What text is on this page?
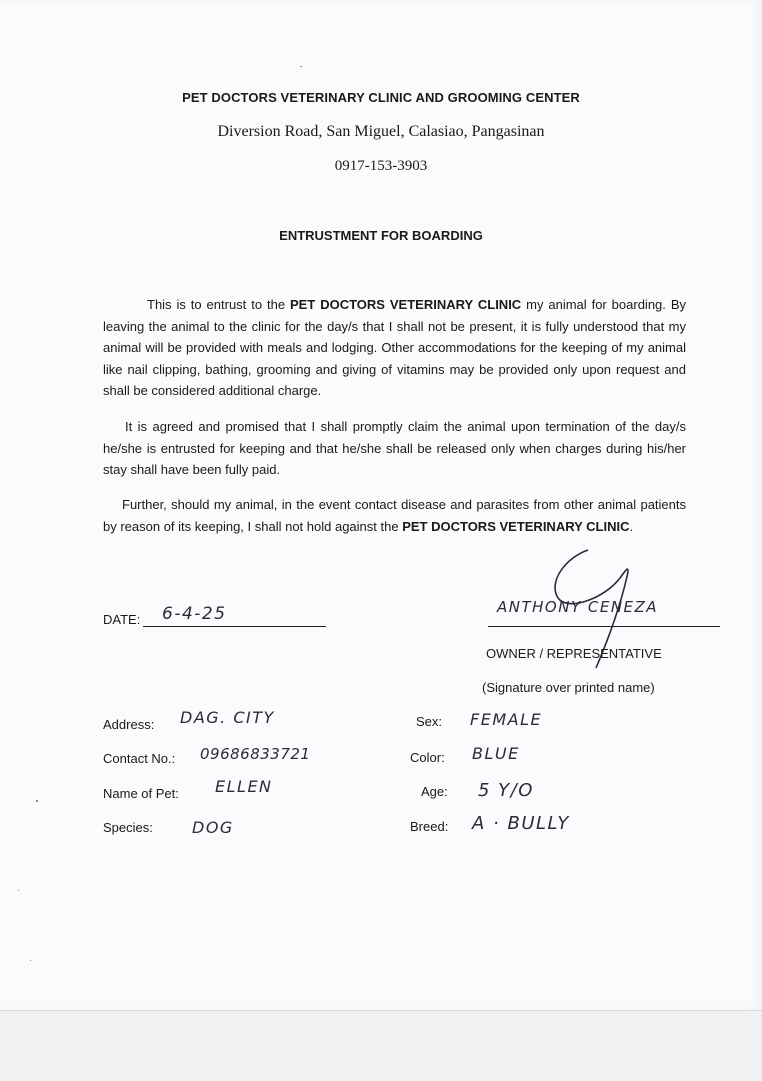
PET DOCTORS VETERINARY CLINIC AND GROOMING CENTER
Diversion Road, San Miguel, Calasiao, Pangasinan
0917-153-3903
ENTRUSTMENT FOR BOARDING
This is to entrust to the PET DOCTORS VETERINARY CLINIC my animal for boarding. By leaving the animal to the clinic for the day/s that I shall not be present, it is fully understood that my animal will be provided with meals and lodging. Other accommodations for the keeping of my animal like nail clipping, bathing, grooming and giving of vitamins may be provided only upon request and shall be considered additional charge.
It is agreed and promised that I shall promptly claim the animal upon termination of the day/s he/she is entrusted for keeping and that he/she shall be released only when charges during his/her stay shall have been fully paid.
Further, should my animal, in the event contact disease and parasites from other animal patients by reason of its keeping, I shall not hold against the PET DOCTORS VETERINARY CLINIC.
DATE: 6-4-25	ANTHONY CENEZA
OWNER / REPRESENTATIVE
(Signature over printed name)
Address: DAG. CITY
Contact No.: 09686833721
Name of Pet: ELLEN
Species: DOG
Sex: FEMALE
Color: BLUE
Age: 5 Y/O
Breed: A · BULLY
